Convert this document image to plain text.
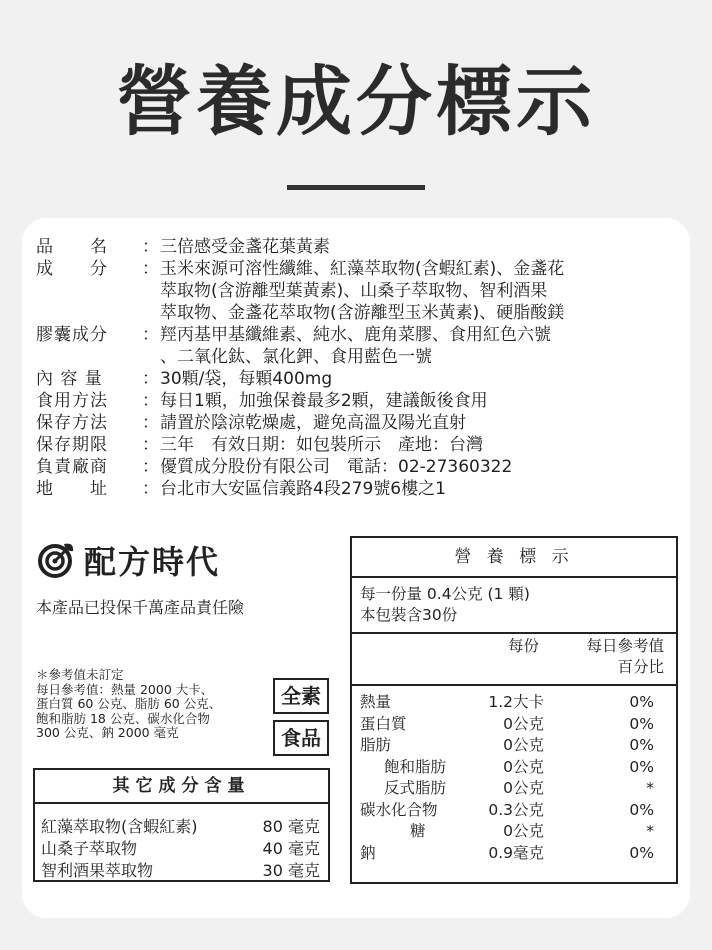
營養成分標示
品　　名	： 三倍感受金盞花葉黃素
成　　分	： 玉米來源可溶性纖維、紅藻萃取物(含蝦紅素)、金盞花
萃取物(含游離型葉黃素)、山桑子萃取物、智利酒果
萃取物、金盞花萃取物(含游離型玉米黃素)、硬脂酸鎂
膠囊成分	： 羥丙基甲基纖維素、純水、鹿角菜膠、食用紅色六號
、二氧化鈦、氯化鉀、食用藍色一號
內 容 量	： 30顆/袋，每顆400mg
食用方法	： 每日1顆，加強保養最多2顆，建議飯後食用
保存方法	： 請置於陰涼乾燥處，避免高溫及陽光直射
保存期限	： 三年　有效日期：如包裝所示　產地：台灣
負責廠商	： 優質成分股份有限公司　電話：02-27360322
地　　址	： 台北市大安區信義路4段279號6樓之1
配方時代
本產品已投保千萬產品責任險
＊參考值未訂定
每日參考值：熱量 2000 大卡、
蛋白質 60 公克、脂肪 60 公克、
飽和脂肪 18 公克、碳水化合物
300 公克、鈉 2000 毫克
全素
食品
其它成分含量
紅藻萃取物(含蝦紅素)	80 毫克
山桑子萃取物	40 毫克
智利酒果萃取物	30 毫克
營 養 標 示
每一份量 0.4公克 (1 顆)
本包裝含30份
每份	每日參考值
百分比
熱量	1.2大卡	0%
蛋白質	0公克	0%
脂肪	0公克	0%
飽和脂肪	0公克	0%
反式脂肪	0公克	*
碳水化合物	0.3公克	0%
糖	0公克	*
鈉	0.9毫克	0%
